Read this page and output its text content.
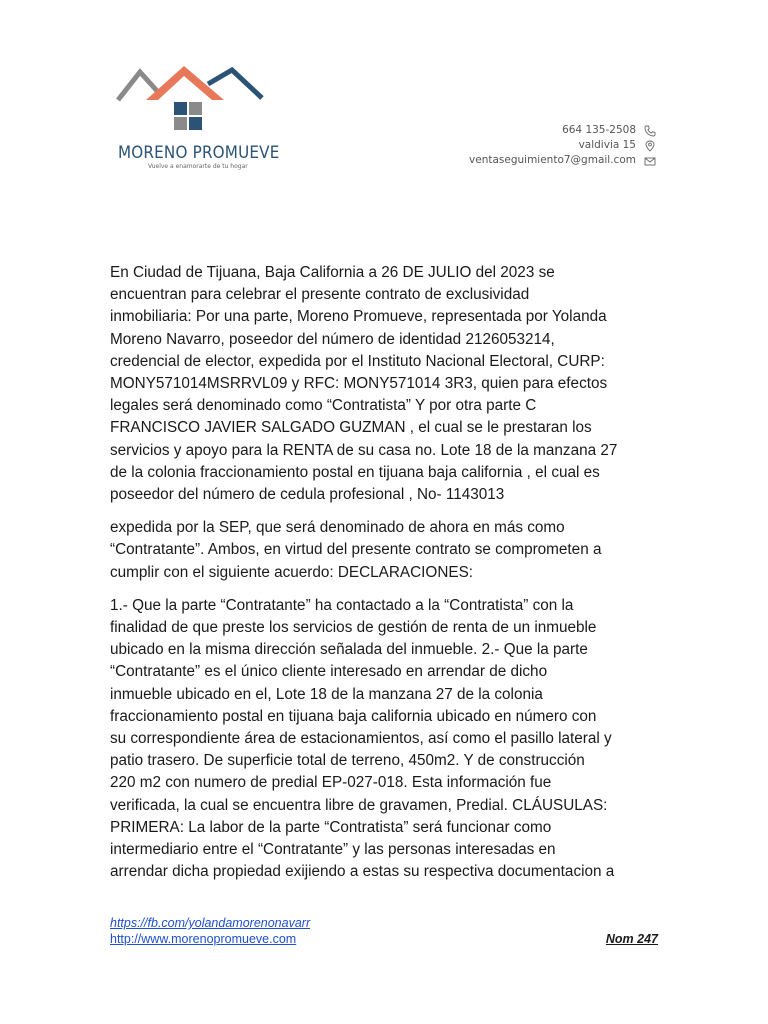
MORENO PROMUEVE
Vuelve a enamorarte de tu hogar
664 135-2508
valdivia 15
ventaseguimiento7@gmail.com

En Ciudad de Tijuana, Baja California a 26 DE JULIO del 2023 se
encuentran para celebrar el presente contrato de exclusividad
inmobiliaria: Por una parte, Moreno Promueve, representada por Yolanda
Moreno Navarro, poseedor del número de identidad 2126053214,
credencial de elector, expedida por el Instituto Nacional Electoral, CURP:
MONY571014MSRRVL09 y RFC: MONY571014 3R3, quien para efectos
legales será denominado como “Contratista” Y por otra parte C
FRANCISCO JAVIER SALGADO GUZMAN , el cual se le prestaran los
servicios y apoyo para la RENTA de su casa no. Lote 18 de la manzana 27
de la colonia fraccionamiento postal en tijuana baja california , el cual es
poseedor del número de cedula profesional , No- 1143013

expedida por la SEP, que será denominado de ahora en más como
“Contratante”. Ambos, en virtud del presente contrato se comprometen a
cumplir con el siguiente acuerdo: DECLARACIONES:

1.- Que la parte “Contratante” ha contactado a la “Contratista” con la
finalidad de que preste los servicios de gestión de renta de un inmueble
ubicado en la misma dirección señalada del inmueble. 2.- Que la parte
“Contratante” es el único cliente interesado en arrendar de dicho
inmueble ubicado en el, Lote 18 de la manzana 27 de la colonia
fraccionamiento postal en tijuana baja california ubicado en número con
su correspondiente área de estacionamientos, así como el pasillo lateral y
patio trasero. De superficie total de terreno, 450m2. Y de construcción
220 m2 con numero de predial EP-027-018. Esta información fue
verificada, la cual se encuentra libre de gravamen, Predial. CLÁUSULAS:
PRIMERA: La labor de la parte “Contratista” será funcionar como
intermediario entre el “Contratante” y las personas interesadas en
arrendar dicha propiedad exijiendo a estas su respectiva documentacion a

https://fb.com/yolandamorenonavarr
http://www.morenopromueve.com	Nom 247
